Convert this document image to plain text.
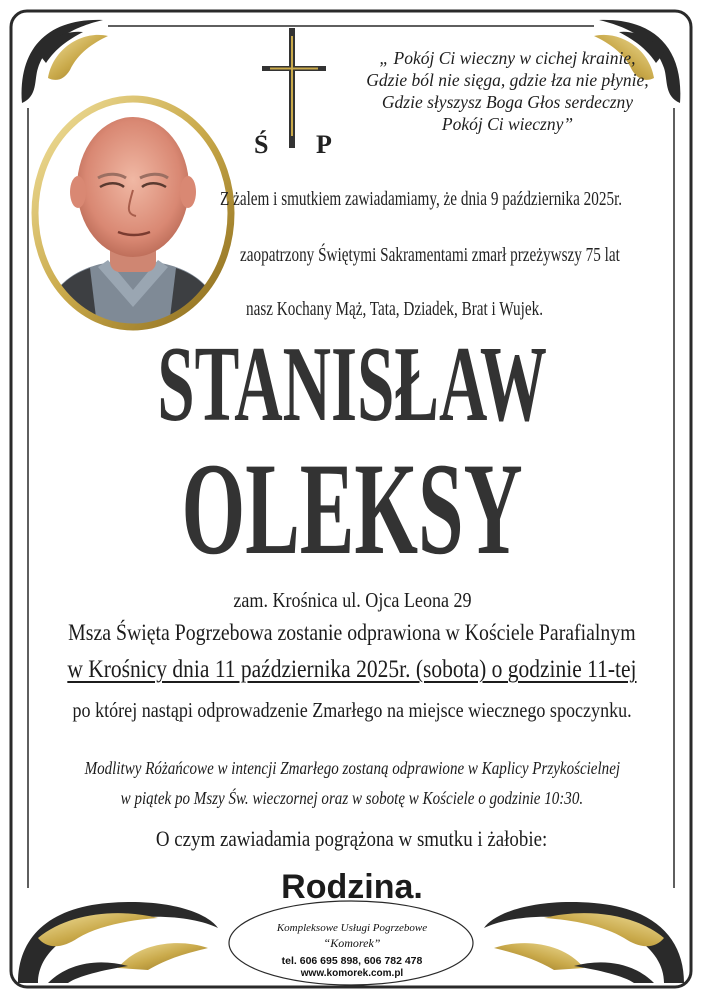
Ś P
„ Pokój Ci wieczny w cichej krainie,
Gdzie ból nie sięga, gdzie łza nie płynie,
Gdzie słyszysz Boga Głos serdeczny
Pokój Ci wieczny”
Z żalem i smutkiem zawiadamiamy, że dnia 9 października 2025r.
zaopatrzony Świętymi Sakramentami zmarł przeżywszy 75 lat
nasz Kochany Mąż, Tata, Dziadek, Brat i Wujek.
STANISŁAW
OLEKSY
zam. Krośnica ul. Ojca Leona 29
Msza Święta Pogrzebowa zostanie odprawiona w Kościele Parafialnym
w Krośnicy dnia 11 października 2025r. (sobota) o godzinie 11-tej
po której nastąpi odprowadzenie Zmarłego na miejsce wiecznego spoczynku.
Modlitwy Różańcowe w intencji Zmarłego zostaną odprawione w Kaplicy Przykościelnej
w piątek po Mszy Św. wieczornej oraz w sobotę w Kościele o godzinie 10:30.
O czym zawiadamia pogrążona w smutku i żałobie:
Rodzina.
Kompleksowe Usługi Pogrzebowe
“Komorek”
tel. 606 695 898, 606 782 478
www.komorek.com.pl
